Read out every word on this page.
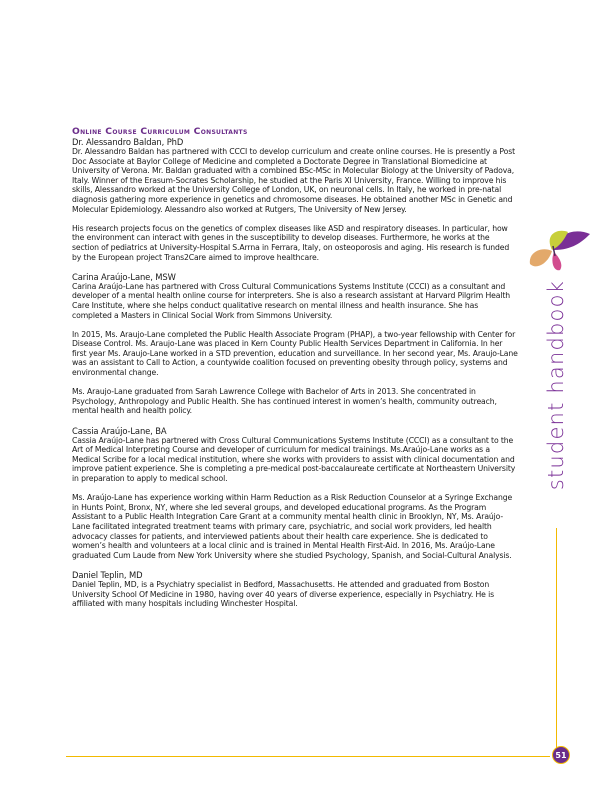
student handbook
51
Online Course Curriculum Consultants

Dr. Alessandro Baldan, PhD

Dr. Alessandro Baldan has partnered with CCCI to develop curriculum and create online courses. He is presently a Post Doc Associate at Baylor College of Medicine and completed a Doctorate Degree in Translational Biomedicine at University of Verona. Mr. Baldan graduated with a combined BSc-MSc in Molecular Biology at the University of Padova, Italy. Winner of the Erasum-Socrates Scholarship, he studied at the Paris XI University, France. Willing to improve his skills, Alessandro worked at the University College of London, UK, on neuronal cells. In Italy, he worked in pre-natal diagnosis gathering more experience in genetics and chromosome diseases. He obtained another MSc in Genetic and Molecular Epidemiology. Alessandro also worked at Rutgers, The University of New Jersey.

His research projects focus on the genetics of complex diseases like ASD and respiratory diseases. In particular, how the environment can interact with genes in the susceptibility to develop diseases. Furthermore, he works at the section of pediatrics at University-Hospital S.Arrna in Ferrara, Italy, on osteoporosis and aging. His research is funded by the European project Trans2Care aimed to improve healthcare.

Carina Araújo-Lane, MSW

Carina Araújo-Lane has partnered with Cross Cultural Communications Systems Institute (CCCI) as a consultant and developer of a mental health online course for interpreters. She is also a research assistant at Harvard Pilgrim Health Care Institute, where she helps conduct qualitative research on mental illness and health insurance. She has completed a Masters in Clinical Social Work from Simmons University.

In 2015, Ms. Araujo-Lane completed the Public Health Associate Program (PHAP), a two-year fellowship with Center for Disease Control. Ms. Araujo-Lane was placed in Kern County Public Health Services Department in California. In her first year Ms. Araujo-Lane worked in a STD prevention, education and surveillance. In her second year, Ms. Araujo-Lane was an assistant to Call to Action, a countywide coalition focused on preventing obesity through policy, systems and environmental change.

Ms. Araujo-Lane graduated from Sarah Lawrence College with Bachelor of Arts in 2013. She concentrated in Psychology, Anthropology and Public Health. She has continued interest in women’s health, community outreach, mental health and health policy.

Cassia Araújo-Lane, BA

Cassia Araújo-Lane has partnered with Cross Cultural Communications Systems Institute (CCCI) as a consultant to the Art of Medical Interpreting Course and developer of curriculum for medical trainings. Ms.Araújo-Lane works as a Medical Scribe for a local medical institution, where she works with providers to assist with clinical documentation and improve patient experience. She is completing a pre-medical post-baccalaureate certificate at Northeastern University in preparation to apply to medical school.

Ms. Araújo-Lane has experience working within Harm Reduction as a Risk Reduction Counselor at a Syringe Exchange in Hunts Point, Bronx, NY, where she led several groups, and developed educational programs. As the Program Assistant to a Public Health Integration Care Grant at a community mental health clinic in Brooklyn, NY, Ms. Araújo-Lane facilitated integrated treatment teams with primary care, psychiatric, and social work providers, led health advocacy classes for patients, and interviewed patients about their health care experience. She is dedicated to women’s health and volunteers at a local clinic and is trained in Mental Health First-Aid. In 2016, Ms. Araújo-Lane graduated Cum Laude from New York University where she studied Psychology, Spanish, and Social-Cultural Analysis.

Daniel Teplin, MD

Daniel Teplin, MD, is a Psychiatry specialist in Bedford, Massachusetts. He attended and graduated from Boston University School Of Medicine in 1980, having over 40 years of diverse experience, especially in Psychiatry. He is affiliated with many hospitals including Winchester Hospital.
